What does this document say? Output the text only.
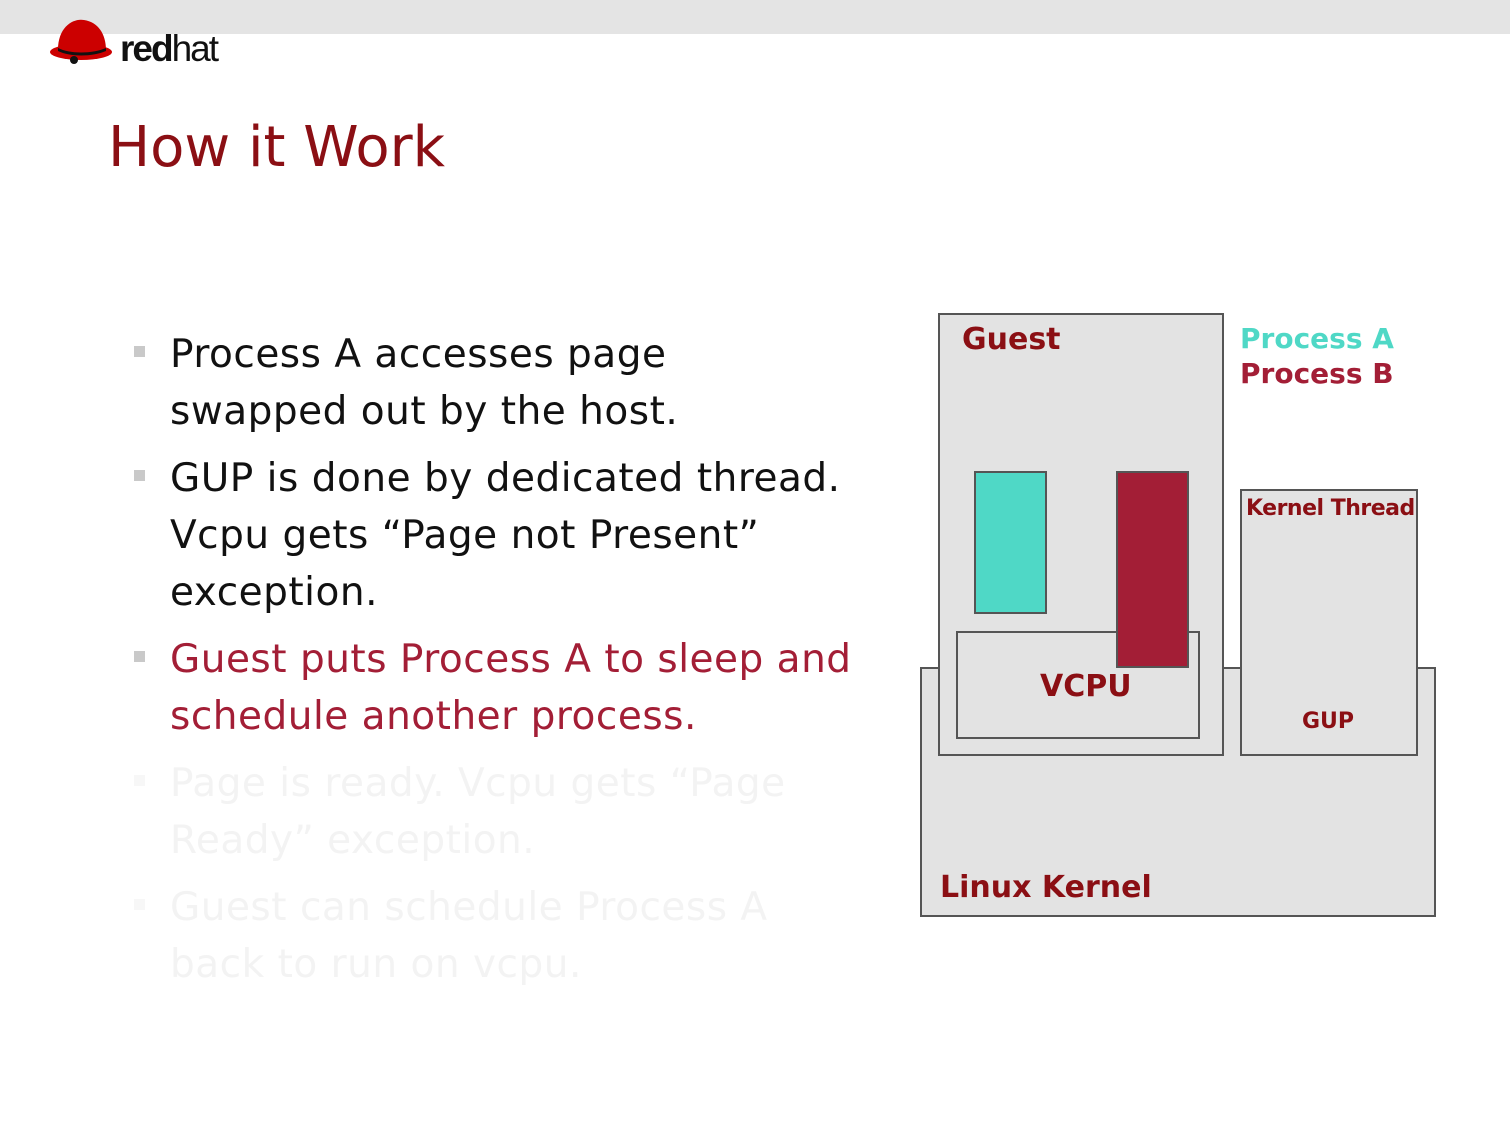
redhat
How it Work
Process A accesses page swapped out by the host.
GUP is done by dedicated thread. Vcpu gets “Page not Present” exception.
Guest puts Process A to sleep and schedule another process.
Page is ready. Vcpu gets “Page Ready” exception.
Guest can schedule Process A back to run on vcpu.
Guest
VCPU
Kernel Thread
GUP
Linux Kernel
Process A
Process B
